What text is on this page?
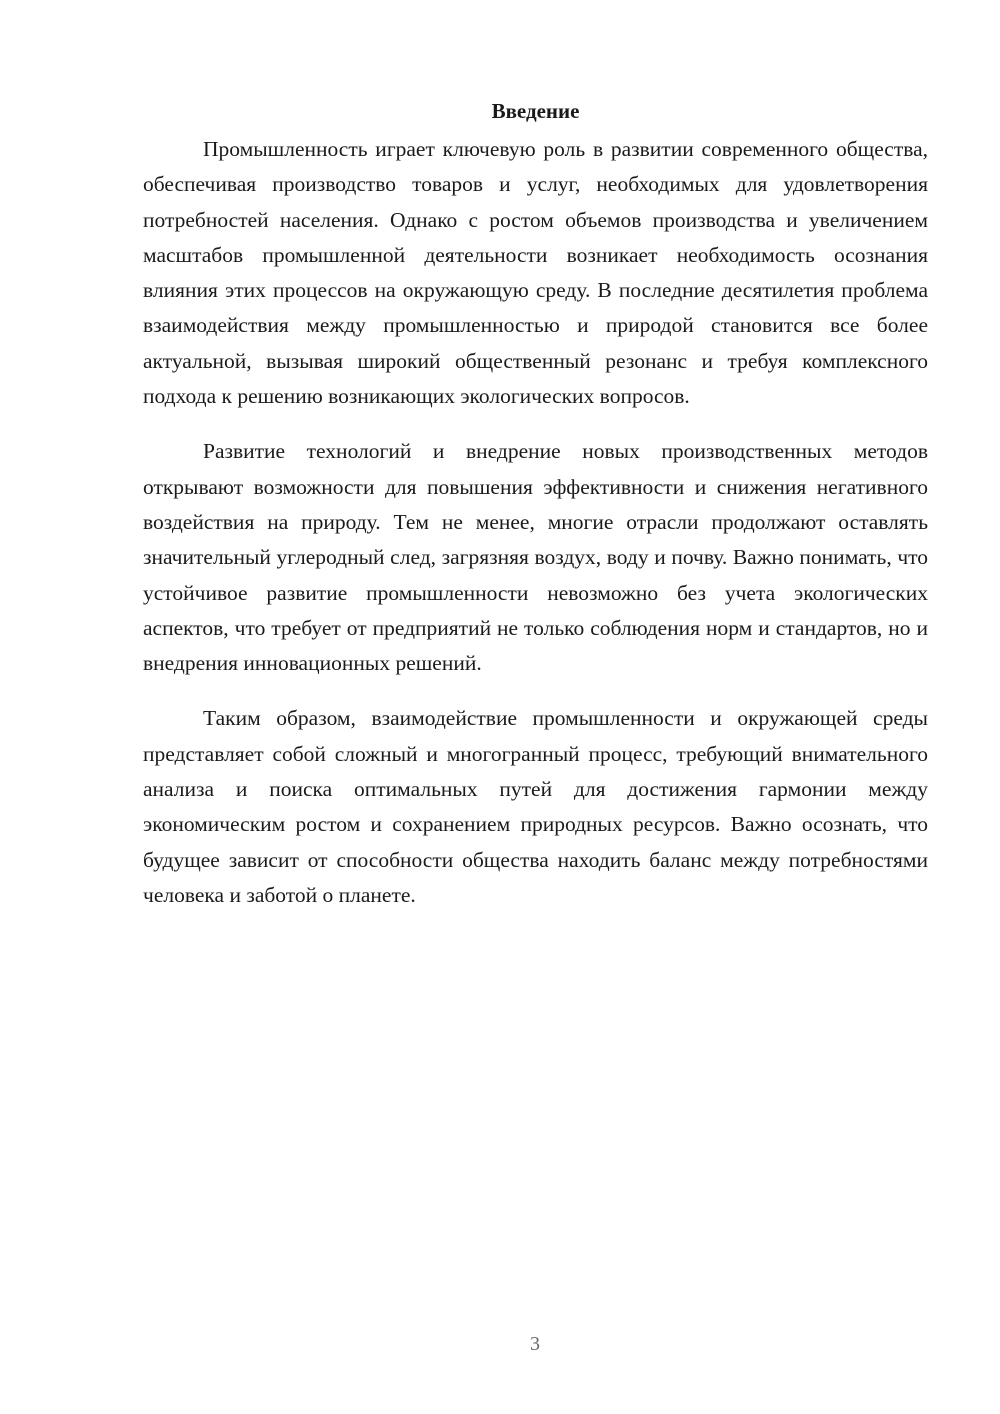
Введение

Промышленность играет ключевую роль в развитии современного общества, обеспечивая производство товаров и услуг, необходимых для удовлетворения потребностей населения. Однако с ростом объемов производства и увеличением масштабов промышленной деятельности возникает необходимость осознания влияния этих процессов на окружающую среду. В последние десятилетия проблема взаимодействия между промышленностью и природой становится все более актуальной, вызывая широкий общественный резонанс и требуя комплексного подхода к решению возникающих экологических вопросов.

Развитие технологий и внедрение новых производственных методов открывают возможности для повышения эффективности и снижения негативного воздействия на природу. Тем не менее, многие отрасли продолжают оставлять значительный углеродный след, загрязняя воздух, воду и почву. Важно понимать, что устойчивое развитие промышленности невозможно без учета экологических аспектов, что требует от предприятий не только соблюдения норм и стандартов, но и внедрения инновационных решений.

Таким образом, взаимодействие промышленности и окружающей среды представляет собой сложный и многогранный процесс, требующий внимательного анализа и поиска оптимальных путей для достижения гармонии между экономическим ростом и сохранением природных ресурсов. Важно осознать, что будущее зависит от способности общества находить баланс между потребностями человека и заботой о планете.

3
